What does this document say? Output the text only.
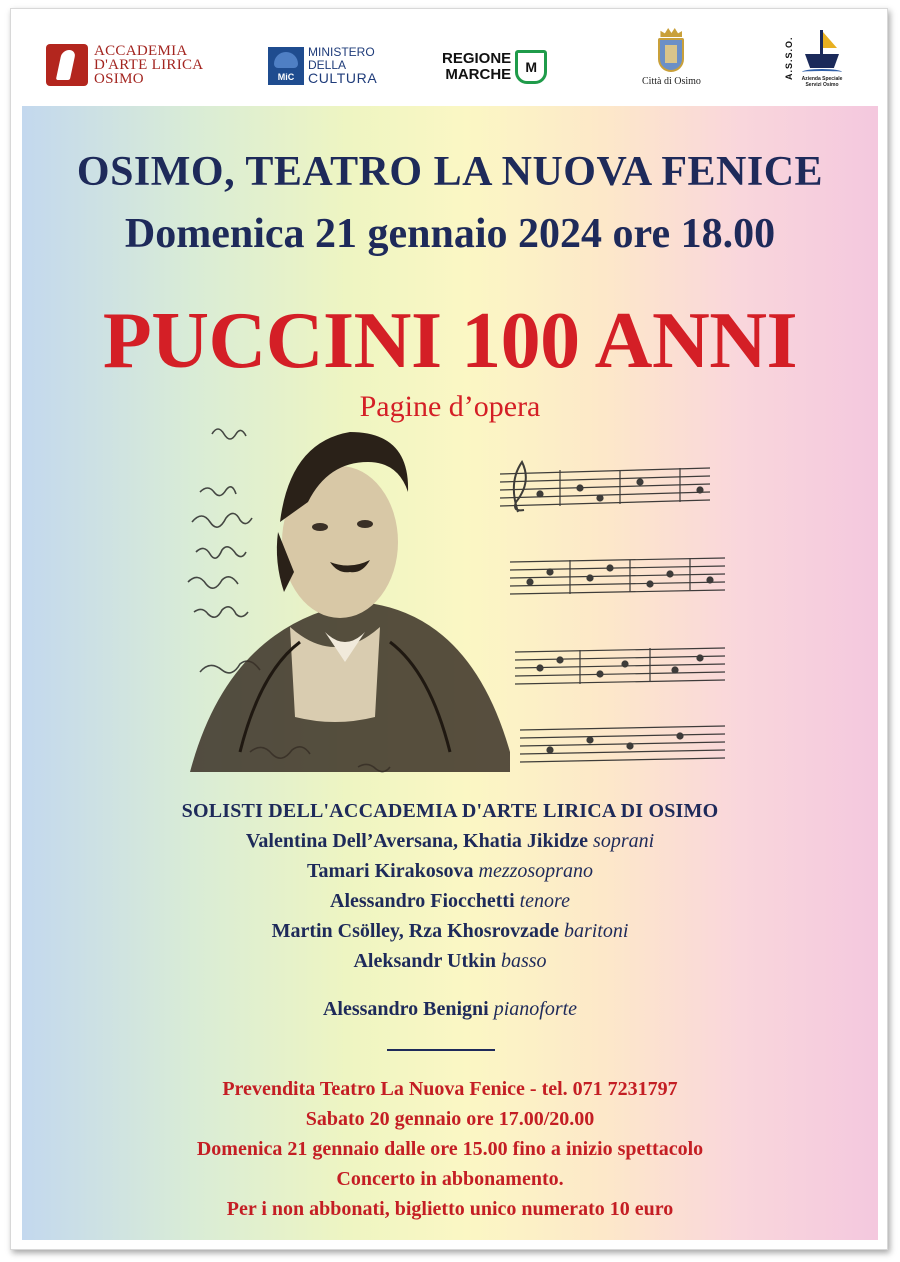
ACCADEMIA
D'ARTE LIRICA
OSIMO	MiC
MINISTERO
DELLA
CULTURA
REGIONE
MARCHE M
Città di Osimo
A.S.S.O.	Azienda Speciale Servizi Osimo
OSIMO, TEATRO LA NUOVA FENICE
Domenica 21 gennaio 2024 ore 18.00
PUCCINI 100 ANNI
Pagine d’opera
SOLISTI DELL'ACCADEMIA D'ARTE LIRICA DI OSIMO
Valentina Dell’Aversana, Khatia Jikidze soprani
Tamari Kirakosova mezzosoprano
Alessandro Fiocchetti tenore
Martin Csölley, Rza Khosrovzade baritoni
Aleksandr Utkin basso
Alessandro Benigni pianoforte
Prevendita Teatro La Nuova Fenice - tel. 071 7231797
Sabato 20 gennaio ore 17.00/20.00
Domenica 21 gennaio dalle ore 15.00 fino a inizio spettacolo
Concerto in abbonamento.
Per i non abbonati, biglietto unico numerato 10 euro
